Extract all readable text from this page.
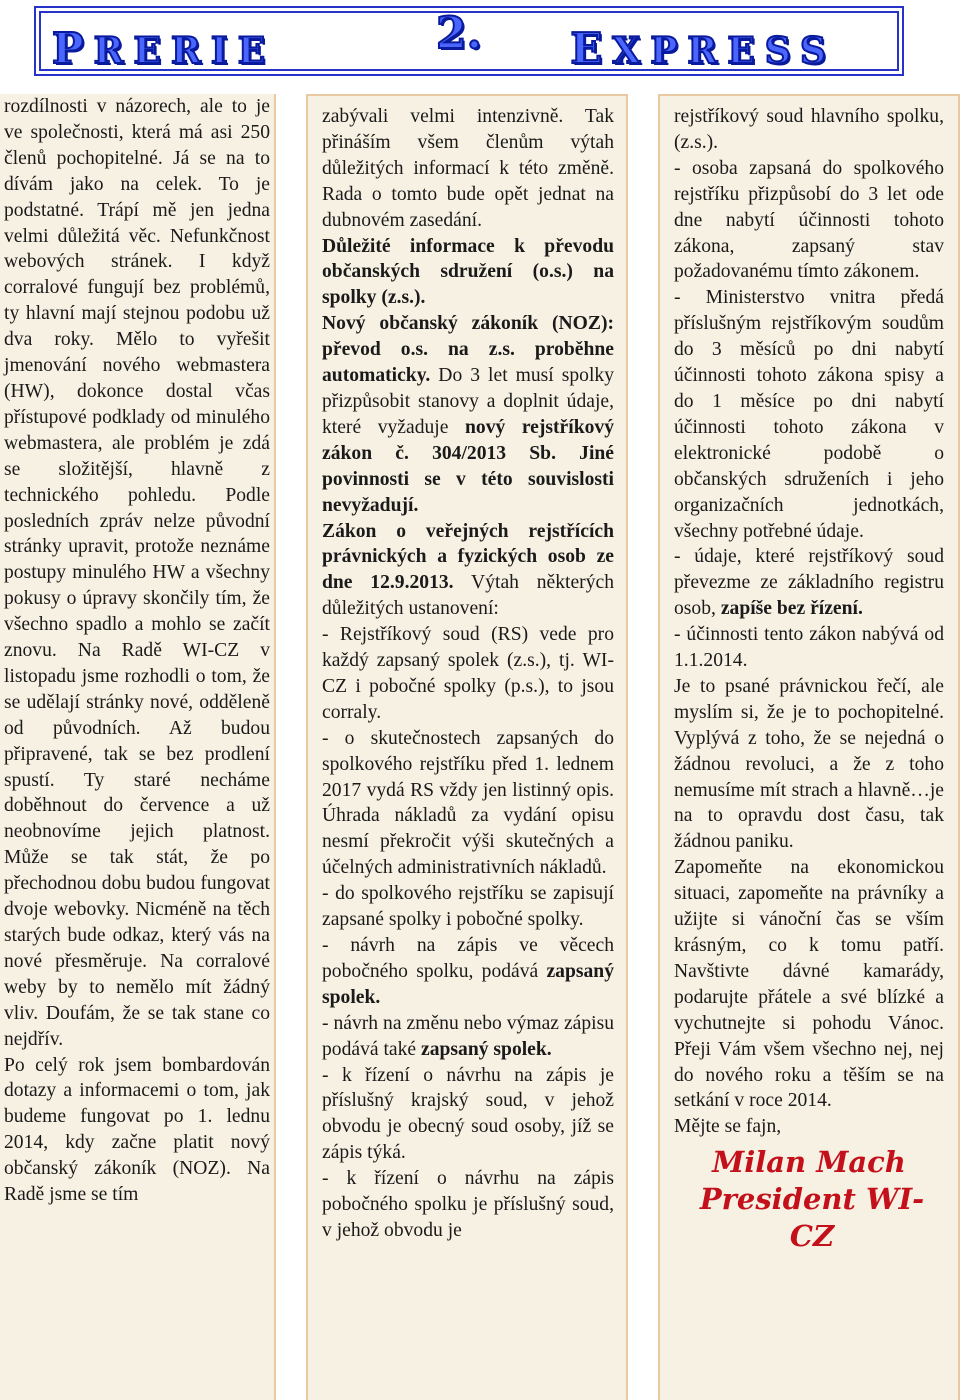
PRERIE	2. EXPRESS

rozdílnosti v názorech, ale to je ve společnosti, která má asi 250 členů pochopitelné. Já se na to dívám jako na celek. To je podstatné. Trápí mě jen jedna velmi důležitá věc. Nefunkčnost webových stránek. I když corralové fungují bez problémů, ty hlavní mají stejnou podobu už dva roky. Mělo to vyřešit jmenování nového webmastera (HW), dokonce dostal včas přístupové podklady od minulého webmastera, ale problém je zdá se složitější, hlavně z technického pohledu. Podle posledních zpráv nelze původní stránky upravit, protože neznáme postupy minulého HW a všechny pokusy o úpravy skončily tím, že všechno spadlo a mohlo se začít znovu. Na Radě WI-CZ v listopadu jsme rozhodli o tom, že se udělají stránky nové, odděleně od původních. Až budou připravené, tak se bez prodlení spustí. Ty staré necháme doběhnout do července a už neobnovíme jejich platnost. Může se tak stát, že po přechodnou dobu budou fungovat dvoje webovky. Nicméně na těch starých bude odkaz, který vás na nové přesměruje. Na corralové weby by to nemělo mít žádný vliv. Doufám, že se tak stane co nejdřív.

Po celý rok jsem bombardován dotazy a informacemi o tom, jak budeme fungovat po 1. lednu 2014, kdy začne platit nový občanský zákoník (NOZ). Na Radě jsme se tím

zabývali velmi intenzivně. Tak přináším všem členům výtah důležitých informací k této změně. Rada o tomto bude opět jednat na dubnovém zasedání.

Důležité informace k převodu občanských sdružení (o.s.) na spolky (z.s.).

Nový občanský zákoník (NOZ): převod o.s. na z.s. proběhne automaticky. Do 3 let musí spolky přizpůsobit stanovy a doplnit údaje, které vyžaduje nový rejstříkový zákon č. 304/2013 Sb. Jiné povinnosti se v této souvislosti nevyžadují.

Zákon o veřejných rejstřících právnických a fyzických osob ze dne 12.9.2013. Výtah některých důležitých ustanovení:

- Rejstříkový soud (RS) vede pro každý zapsaný spolek (z.s.), tj. WI-CZ i pobočné spolky (p.s.), to jsou corraly.

- o skutečnostech zapsaných do spolkového rejstříku před 1. lednem 2017 vydá RS vždy jen listinný opis. Úhrada nákladů za vydání opisu nesmí překročit výši skutečných a účelných administrativních nákladů.

- do spolkového rejstříku se zapisují zapsané spolky i pobočné spolky.

- návrh na zápis ve věcech pobočného spolku, podává zapsaný spolek.

- návrh na změnu nebo výmaz zápisu podává také zapsaný spolek.

- k řízení o návrhu na zápis je příslušný krajský soud, v jehož obvodu je obecný soud osoby, jíž se zápis týká.

- k řízení o návrhu na zápis pobočného spolku je příslušný soud, v jehož obvodu je

rejstříkový soud hlavního spolku, (z.s.).

- osoba zapsaná do spolkového rejstříku přizpůsobí do 3 let ode dne nabytí účinnosti tohoto zákona, zapsaný stav požadovanému tímto zákonem.

- Ministerstvo vnitra předá příslušným rejstříkovým soudům do 3 měsíců po dni nabytí účinnosti tohoto zákona spisy a do 1 měsíce po dni nabytí účinnosti tohoto zákona v elektronické podobě o občanských sdruženích i jeho organizačních jednotkách, všechny potřebné údaje.

- údaje, které rejstříkový soud převezme ze základního registru osob, zapíše bez řízení.

- účinnosti tento zákon nabývá od 1.1.2014.

Je to psané právnickou řečí, ale myslím si, že je to pochopitelné. Vyplývá z toho, že se nejedná o žádnou revoluci, a že z toho nemusíme mít strach a hlavně…je na to opravdu dost času, tak žádnou paniku.

Zapomeňte na ekonomickou situaci, zapomeňte na právníky a užijte si vánoční čas se vším krásným, co k tomu patří. Navštivte dávné kamarády, podarujte přátele a své blízké a vychutnejte si pohodu Vánoc. Přeji Vám všem všechno nej, nej do nového roku a těším se na setkání v roce 2014.

Mějte se fajn,

Milan Mach
President WI-CZ
